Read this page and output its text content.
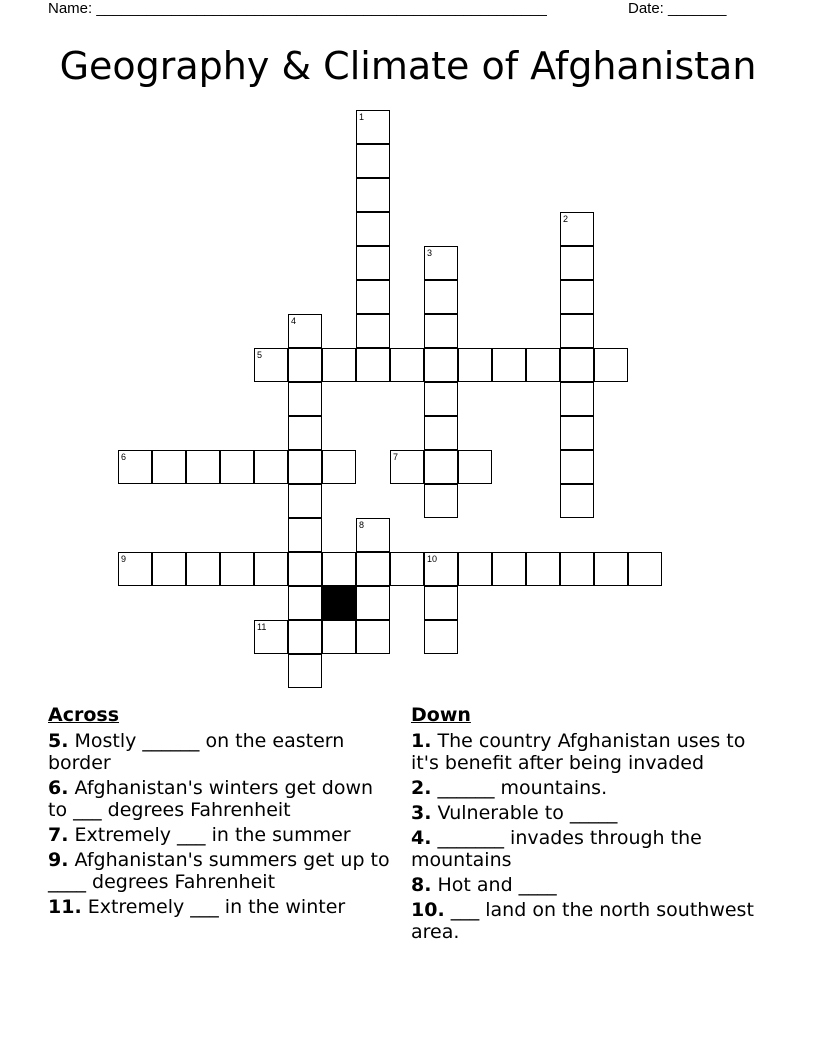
Name: ______________________________________________________	Date: _______
Geography & Climate of Afghanistan
1
2
3
4
5
6	7
8
9	10
11
Across
5. Mostly ______ on the eastern border
6. Afghanistan's winters get down to ___ degrees Fahrenheit
7. Extremely ___ in the summer
9. Afghanistan's summers get up to ____ degrees Fahrenheit
11. Extremely ___ in the winter
Down
1. The country Afghanistan uses to it's benefit after being invaded
2. ______ mountains.
3. Vulnerable to _____
4. _______ invades through the mountains
8. Hot and ____
10. ___ land on the north southwest area.
